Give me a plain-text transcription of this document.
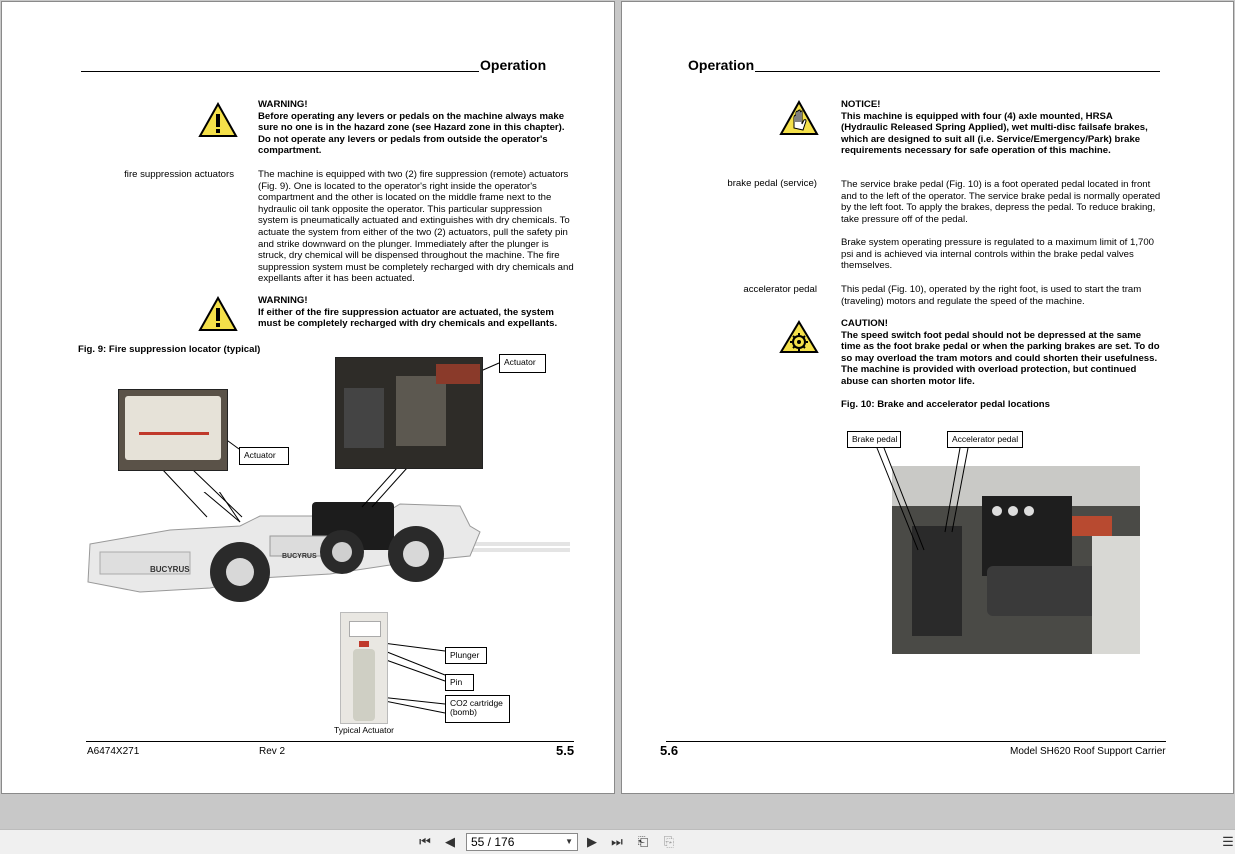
Operation
WARNING!
Before operating any levers or pedals on the machine always make sure no one is in the hazard zone (see Hazard zone in this chapter). Do not operate any levers or pedals from outside the operator's compartment.
fire suppression actuators	The machine is equipped with two (2) fire suppression (remote) actuators (Fig. 9). One is located to the operator's right inside the operator's compartment and the other is located on the middle frame next to the hydraulic oil tank opposite the operator. This particular suppression system is pneumatically actuated and extinguishes with dry chemicals. To actuate the system from either of the two (2) actuators, pull the safety pin and strike downward on the plunger. Immediately after the plunger is struck, dry chemical will be dispensed throughout the machine. The fire suppression system must be completely recharged with dry chemicals and expellants after it has been actuated.
WARNING!
If either of the fire suppression actuator are actuated, the system must be completely recharged with dry chemicals and expellants.
Fig. 9: Fire suppression locator (typical)
BUCYRUS
BUCYRUS
Actuator
Actuator
Plunger
Pin
CO2 cartridge
(bomb)
Typical Actuator
A6474X271	Rev 2	5.5
Operation
NOTICE!
This machine is equipped with four (4) axle mounted, HRSA (Hydraulic Released Spring Applied), wet multi-disc failsafe brakes, which are designed to suit all (i.e. Service/Emergency/Park) brake requirements necessary for safe operation of this machine.
brake pedal (service)	The service brake pedal (Fig. 10) is a foot operated pedal located in front and to the left of the operator. The service brake pedal is normally operated by the left foot. To apply the brakes, depress the pedal. To reduce braking, take pressure off of the pedal.
Brake system operating pressure is regulated to a maximum limit of 1,700 psi and is achieved via internal controls within the brake pedal valves themselves.
accelerator pedal	This pedal (Fig. 10), operated by the right foot, is used to start the tram (traveling) motors and regulate the speed of the machine.
CAUTION!
The speed switch foot pedal should not be depressed at the same time as the foot brake pedal or when the parking brakes are set. To do so may overload the tram motors and could shorten their usefulness. The machine is provided with overload protection, but continued abuse can shorten motor life.
Fig. 10: Brake and accelerator pedal locations
Brake pedal	Accelerator pedal
5.6	Model SH620 Roof Support Carrier
⏮	◀	55 / 176	▼	▶	⏭ ⎗ ⎘	☰
